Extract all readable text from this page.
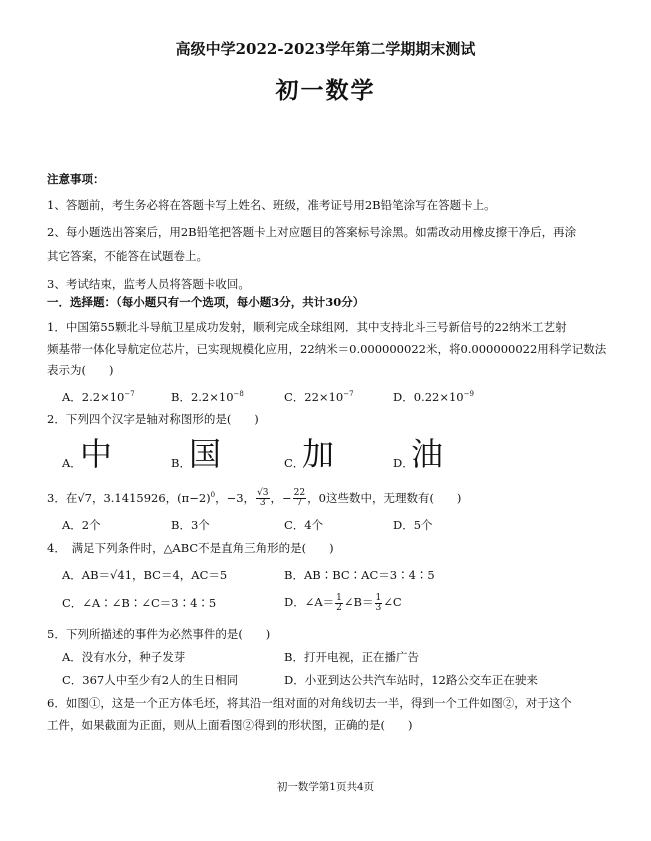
高级中学2022-2023学年第二学期期末测试
初一数学
注意事项：
1、答题前，考生务必将在答题卡写上姓名、班级，准考证号用2B铅笔涂写在答题卡上。
2、每小题选出答案后，用2B铅笔把答题卡上对应题目的答案标号涂黑。如需改动用橡皮擦干净后，再涂
其它答案，不能答在试题卷上。
3、考试结束，监考人员将答题卡收回。
一．选择题：（每小题只有一个选项，每小题3分，共计30分）
1．中国第55颗北斗导航卫星成功发射，顺利完成全球组网．其中支持北斗三号新信号的22纳米工艺射
频基带一体化导航定位芯片，已实现规模化应用，22纳米＝0.000000022米，将0.000000022用科学记数法
表示为(　　)
A．$2.2\times 10^{-7}$	B．$2.2\times 10^{-8}$	C．$22\times 10^{-7}$	D．$0.22\times 10^{-9}$
2．下列四个汉字是轴对称图形的是(　　)
A．
中	B．
国	C．
加	D．
油
3．在√7，3.1415926，$(\pi-2)^0$，−3， $\frac{√3}{3}$ ，− $\frac{22}{7}$ ，0这些数中，无理数有(　　)
A．2个	B．3个	C．4个	D．5个
4．　满足下列条件时，△ABC不是直角三角形的是(　　)
A．AB＝√41，BC＝4，AC＝5	B．AB∶BC∶AC＝3∶4∶5
C．∠A∶∠B∶∠C＝3∶4∶5	D．∠A＝ $\frac{1}{2}$ ∠B＝ $\frac{1}{3}$ ∠C
5．下列所描述的事件为必然事件的是(　　)
A．没有水分，种子发芽	B．打开电视，正在播广告
C．367人中至少有2人的生日相同	D．小亚到达公共汽车站时，12路公交车正在驶来
6．如图①，这是一个正方体毛坯，将其沿一组对面的对角线切去一半，得到一个工件如图②，对于这个
工件，如果截面为正面，则从上面看图②得到的形状图，正确的是(　　)
初一数学第1页共4页
